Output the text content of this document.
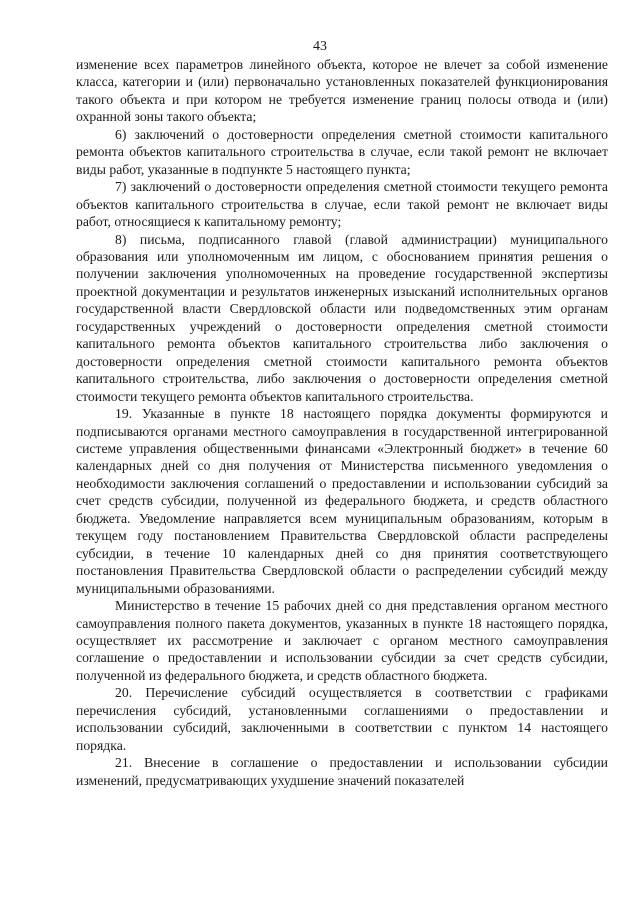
43

изменение всех параметров линейного объекта, которое не влечет за собой изменение класса, категории и (или) первоначально установленных показателей функционирования такого объекта и при котором не требуется изменение границ полосы отвода и (или) охранной зоны такого объекта;

6) заключений о достоверности определения сметной стоимости капитального ремонта объектов капитального строительства в случае, если такой ремонт не включает виды работ, указанные в подпункте 5 настоящего пункта;

7) заключений о достоверности определения сметной стоимости текущего ремонта объектов капитального строительства в случае, если такой ремонт не включает виды работ, относящиеся к капитальному ремонту;

8) письма, подписанного главой (главой администрации) муниципального образования или уполномоченным им лицом, с обоснованием принятия решения о получении заключения уполномоченных на проведение государственной экспертизы проектной документации и результатов инженерных изысканий исполнительных органов государственной власти Свердловской области или подведомственных этим органам государственных учреждений о достоверности определения сметной стоимости капитального ремонта объектов капитального строительства либо заключения о достоверности определения сметной стоимости капитального ремонта объектов капитального строительства, либо заключения о достоверности определения сметной стоимости текущего ремонта объектов капитального строительства.

19. Указанные в пункте 18 настоящего порядка документы формируются и подписываются органами местного самоуправления в государственной интегрированной системе управления общественными финансами «Электронный бюджет» в течение 60 календарных дней со дня получения от Министерства письменного уведомления о необходимости заключения соглашений о предоставлении и использовании субсидий за счет средств субсидии, полученной из федерального бюджета, и средств областного бюджета. Уведомление направляется всем муниципальным образованиям, которым в текущем году постановлением Правительства Свердловской области распределены субсидии, в течение 10 календарных дней со дня принятия соответствующего постановления Правительства Свердловской области о распределении субсидий между муниципальными образованиями.

Министерство в течение 15 рабочих дней со дня представления органом местного самоуправления полного пакета документов, указанных в пункте 18 настоящего порядка, осуществляет их рассмотрение и заключает с органом местного самоуправления соглашение о предоставлении и использовании субсидии за счет средств субсидии, полученной из федерального бюджета, и средств областного бюджета.

20. Перечисление субсидий осуществляется в соответствии с графиками перечисления субсидий, установленными соглашениями о предоставлении и использовании субсидий, заключенными в соответствии с пунктом 14 настоящего порядка.

21. Внесение в соглашение о предоставлении и использовании субсидии изменений, предусматривающих ухудшение значений показателей
